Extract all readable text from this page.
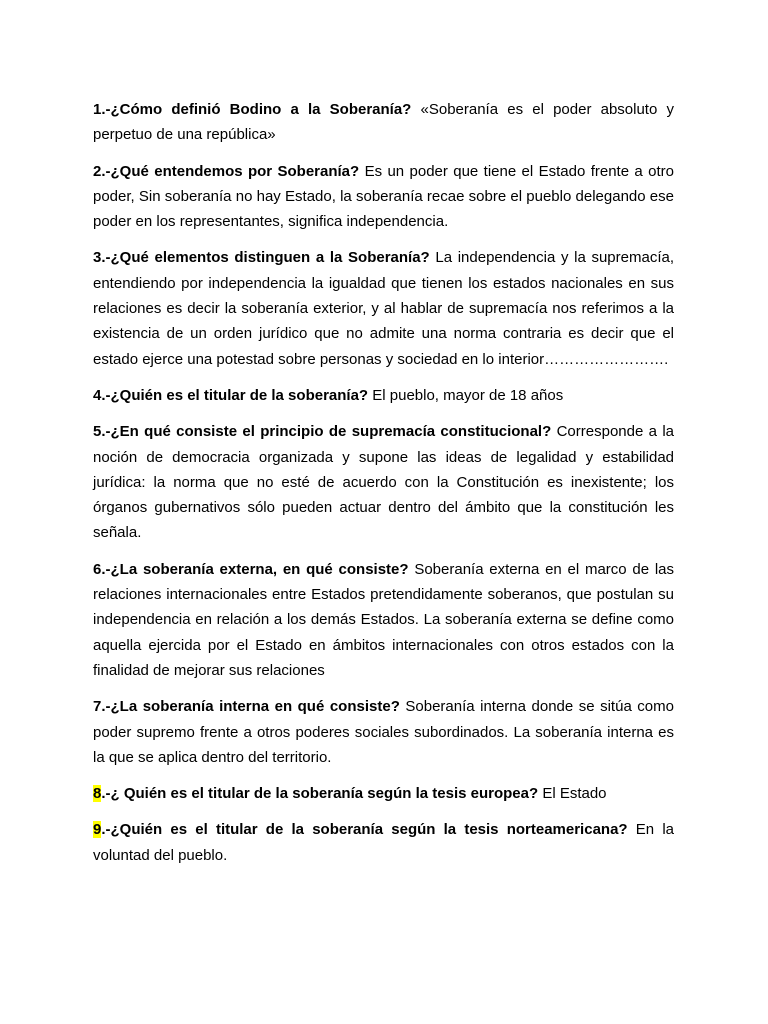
1.-¿Cómo definió Bodino a la Soberanía? «Soberanía es el poder absoluto y perpetuo de una república»

2.-¿Qué entendemos por Soberanía? Es un poder que tiene el Estado frente a otro poder, Sin soberanía no hay Estado, la soberanía recae sobre el pueblo delegando ese poder en los representantes, significa independencia.

3.-¿Qué elementos distinguen a la Soberanía? La independencia y la supremacía, entendiendo por independencia la igualdad que tienen los estados nacionales en sus relaciones es decir la soberanía exterior, y al hablar de supremacía nos referimos a la existencia de un orden jurídico que no admite una norma contraria es decir que el estado ejerce una potestad sobre personas y sociedad en lo interior…………………….

4.-¿Quién es el titular de la soberanía? El pueblo, mayor de 18 años

5.-¿En qué consiste el principio de supremacía constitucional? Corresponde a la noción de democracia organizada y supone las ideas de legalidad y estabilidad jurídica: la norma que no esté de acuerdo con la Constitución es inexistente; los órganos gubernativos sólo pueden actuar dentro del ámbito que la constitución les señala.

6.-¿La soberanía externa, en qué consiste? Soberanía externa en el marco de las relaciones internacionales entre Estados pretendidamente soberanos, que postulan su independencia en relación a los demás Estados. La soberanía externa se define como aquella ejercida por el Estado en ámbitos internacionales con otros estados con la finalidad de mejorar sus relaciones

7.-¿La soberanía interna en qué consiste? Soberanía interna donde se sitúa como poder supremo frente a otros poderes sociales subordinados. La soberanía interna es la que se aplica dentro del territorio.

8.-¿ Quién es el titular de la soberanía según la tesis europea? El Estado

9.-¿Quién es el titular de la soberanía según la tesis norteamericana? En la voluntad del pueblo.
